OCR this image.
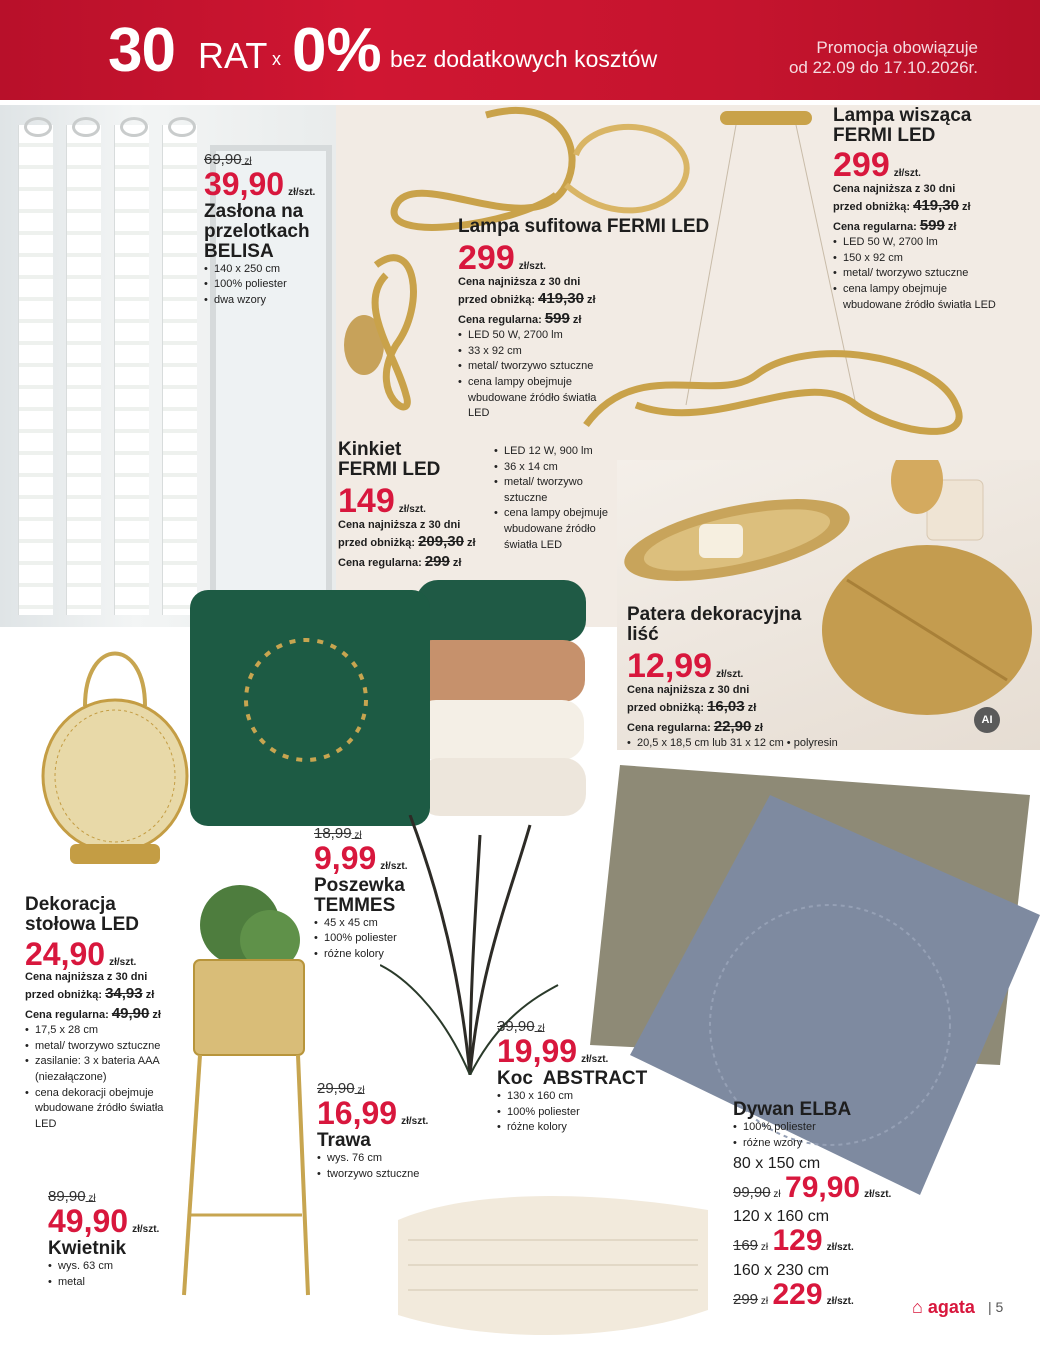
30 RAT x 0% bez dodatkowych kosztów	Promocja obowiązuje
od 22.09 do 17.10.2026r.
69,90 zł
39,90 zł/szt.
Zasłona na
przelotkach
BELISA
• 140 x 250 cm
• 100% poliester
• dwa wzory
Lampa sufitowa FERMI LED
299 zł/szt.
Cena najniższa z 30 dni
przed obniżką: 419,30 zł
Cena regularna: 599 zł
• LED 50 W, 2700 lm
• 33 x 92 cm
• metal/ tworzywo sztuczne
• cena lampy obejmuje wbudowane źródło światła LED
Lampa wisząca
FERMI LED
299 zł/szt.
Cena najniższa z 30 dni
przed obniżką: 419,30 zł
Cena regularna: 599 zł
• LED 50 W, 2700 lm
• 150 x 92 cm
• metal/ tworzywo sztuczne
• cena lampy obejmuje wbudowane źródło światła LED
Kinkiet
FERMI LED
149 zł/szt.
Cena najniższa z 30 dni
przed obniżką: 209,30 zł
Cena regularna: 299 zł
• LED 12 W, 900 lm
• 36 x 14 cm
• metal/ tworzywo sztuczne
• cena lampy obejmuje wbudowane źródło światła LED
Patera dekoracyjna
liść
12,99 zł/szt.
Cena najniższa z 30 dni
przed obniżką: 16,03 zł
Cena regularna: 22,90 zł
• 20,5 x 18,5 cm lub 31 x 12 cm • polyresin
AI
Dekoracja
stołowa LED
24,90 zł/szt.
Cena najniższa z 30 dni
przed obniżką: 34,93 zł
Cena regularna: 49,90 zł
• 17,5 x 28 cm
• metal/ tworzywo sztuczne
• zasilanie: 3 x bateria AAA (niezałączone)
• cena dekoracji obejmuje wbudowane źródło światła LED
18,99 zł
9,99 zł/szt.
Poszewka
TEMMES
• 45 x 45 cm
• 100% poliester
• różne kolory
39,90 zł
19,99 zł/szt.
Koc  ABSTRACT
• 130 x 160 cm
• 100% poliester
• różne kolory
29,90 zł
16,99 zł/szt.
Trawa
• wys. 76 cm
• tworzywo sztuczne
89,90 zł
49,90 zł/szt.
Kwietnik
• wys. 63 cm
• metal
Dywan ELBA
• 100% poliester
• różne wzory
80 x 150 cm
99,90 zł 79,90 zł/szt.
120 x 160 cm
169 zł 129 zł/szt.
160 x 230 cm
299 zł 229 zł/szt.	⌂ agata | 5
